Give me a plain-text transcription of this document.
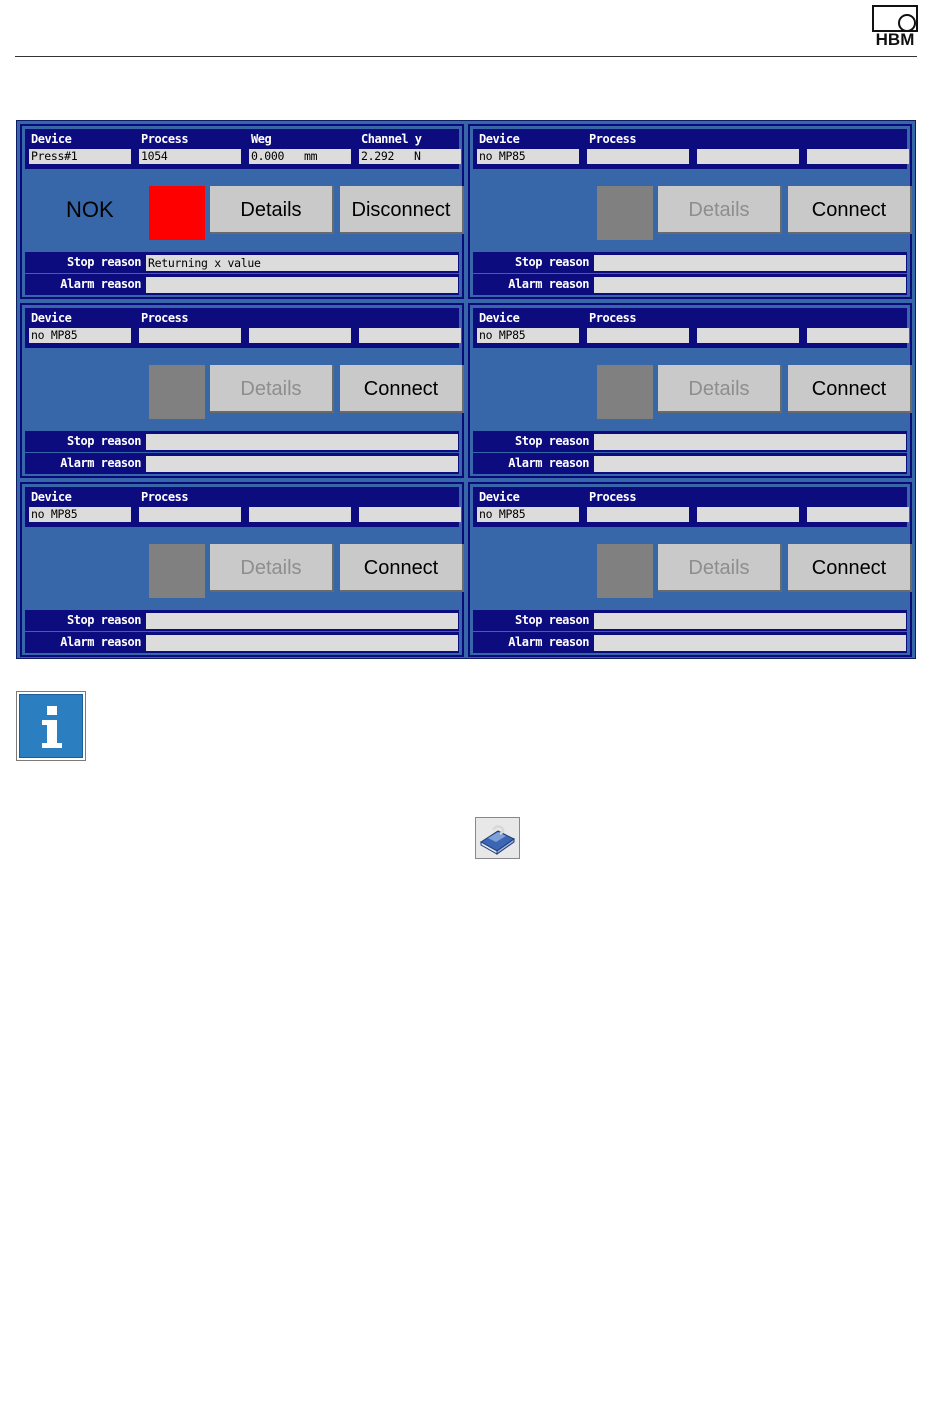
HBM
Device	Process	Weg	Channel y
Press#1	1054	0.000   mm	2.292   N
NOK	Details	Disconnect
Stop reason Returning x value
Alarm reason
Device	Process
no MP85
Details	Connect
Stop reason
Alarm reason
Device	Process
no MP85
Details	Connect
Stop reason
Alarm reason
Device	Process
no MP85
Details	Connect
Stop reason
Alarm reason
Device	Process
no MP85
Details	Connect
Stop reason
Alarm reason
Device	Process
no MP85
Details	Connect
Stop reason
Alarm reason
